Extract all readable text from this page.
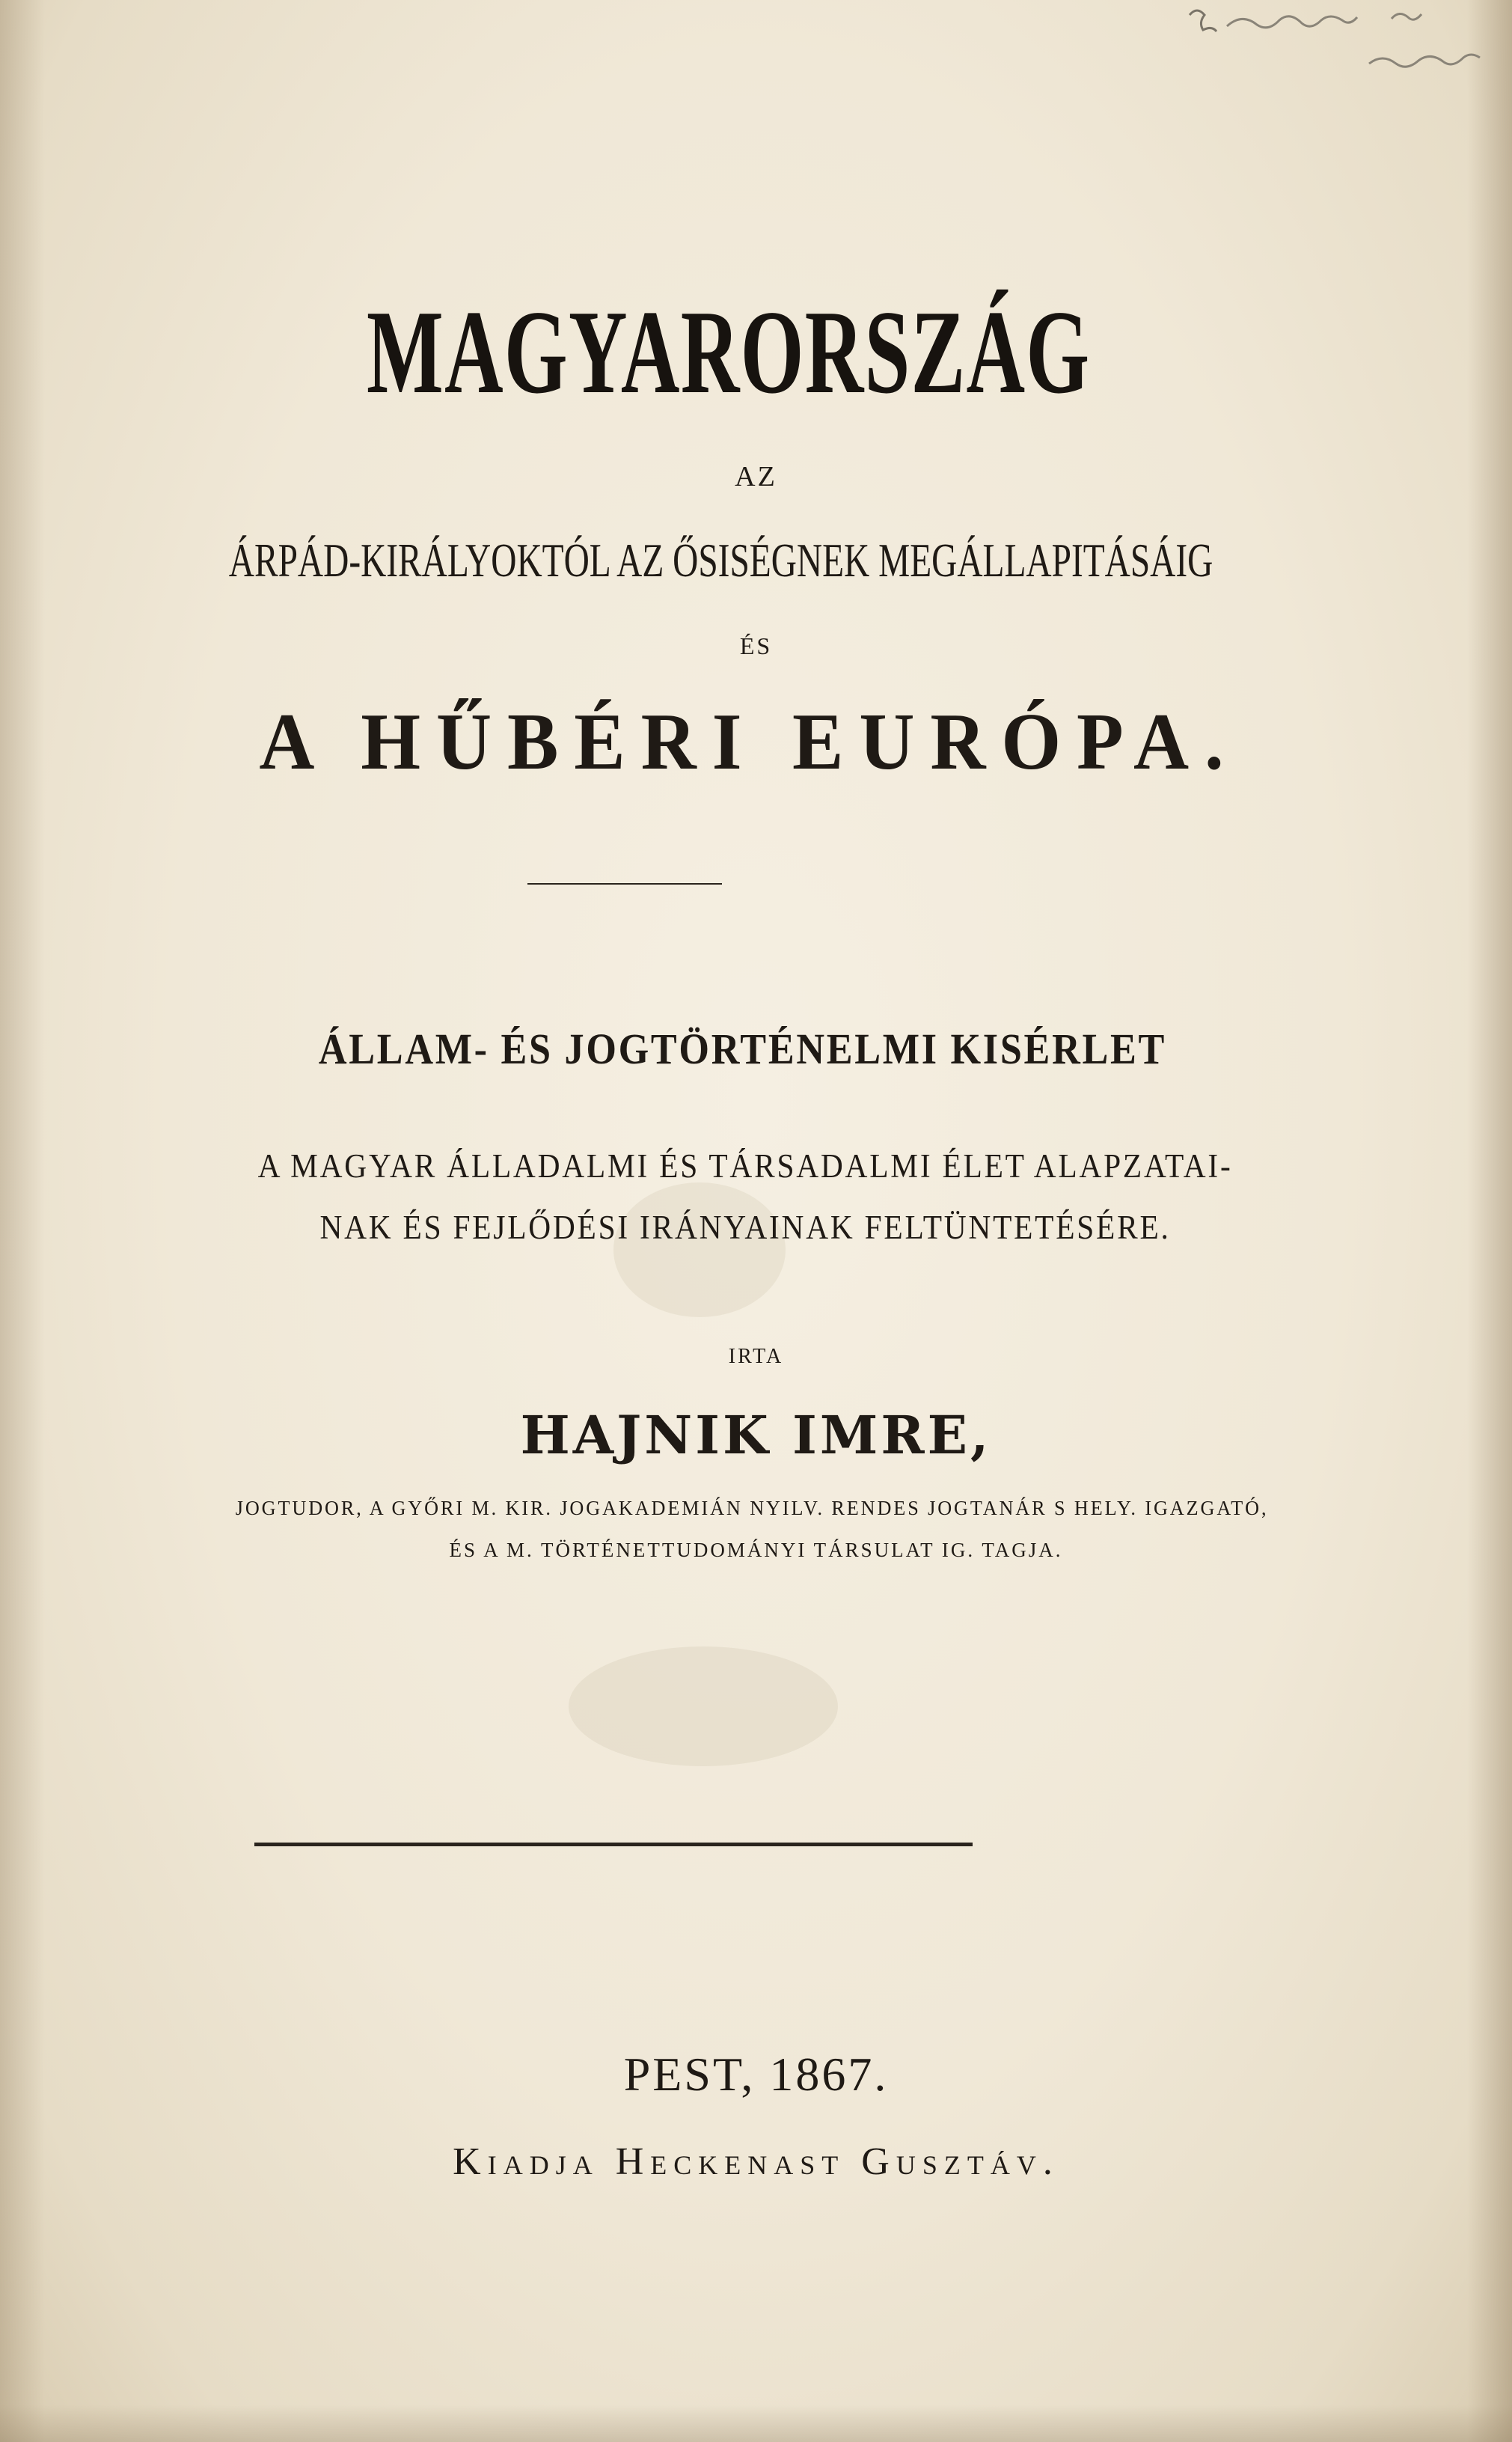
MAGYARORSZÁG
AZ
ÁRPÁD-KIRÁLYOKTÓL AZ ŐSISÉGNEK MEGÁLLAPITÁSÁIG
ÉS
A HŰBÉRI EURÓPA.
ÁLLAM- ÉS JOGTÖRTÉNELMI KISÉRLET
A MAGYAR ÁLLADALMI ÉS TÁRSADALMI ÉLET ALAPZATAI-
NAK ÉS FEJLŐDÉSI IRÁNYAINAK FELTÜNTETÉSÉRE.
IRTA
HAJNIK IMRE,
JOGTUDOR, A GYŐRI M. KIR. JOGAKADEMIÁN NYILV. RENDES JOGTANÁR S HELY. IGAZGATÓ,
ÉS A M. TÖRTÉNETTUDOMÁNYI TÁRSULAT IG. TAGJA.
PEST, 1867.
Kiadja Heckenast Gusztáv.
